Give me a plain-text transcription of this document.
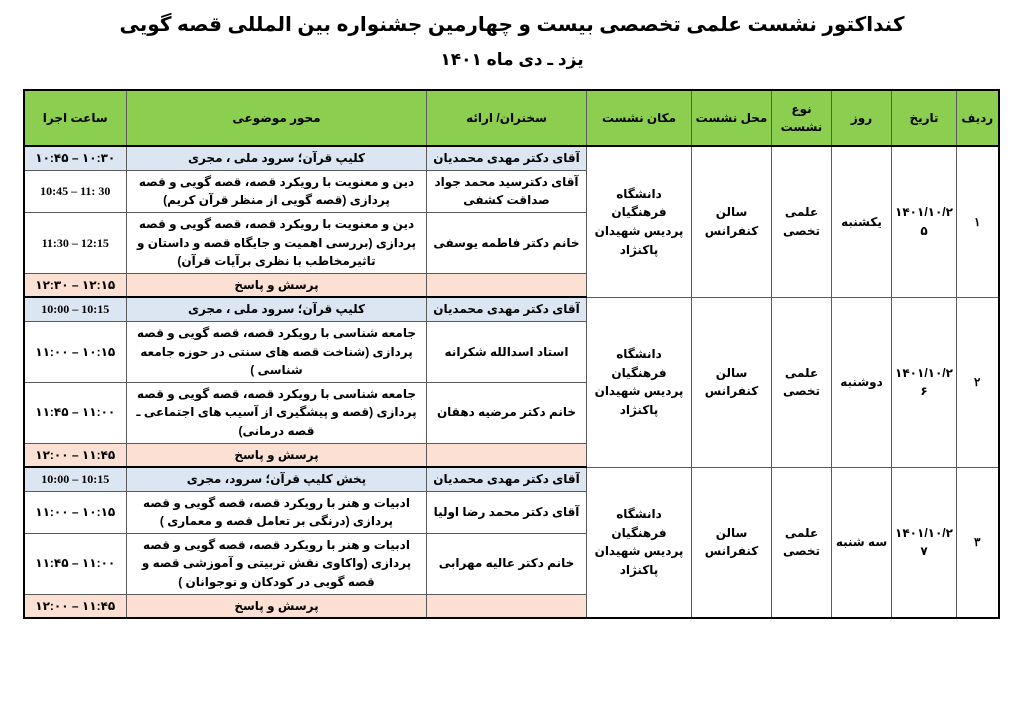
کنداکتور نشست علمی تخصصی بیست و چهارمین جشنواره بین المللی قصه گویی
یزد ـ دی ماه ۱۴۰۱
ردیف	تاریخ	روز	نوع نشست	محل نشست	مکان نشست	سخنران/ ارائه	محور موضوعی	ساعت اجرا
۱	۱۴۰۱/۱۰/۲۵	یکشنبه	علمی تخصی	سالن کنفرانس	دانشگاه فرهنگیان پردیس شهیدان پاکنژاد	آقای دکتر مهدی محمدیان	کلیپ قرآن؛ سرود ملی ، مجری	۱۰:۳۰ – ۱۰:۴۵
						آقای دکترسید محمد جواد صداقت کشفی	دین و معنویت با رویکرد قصه، قصه گویی و قصه پردازی (قصه گویی از منظر قرآن کریم)	10:45 – 11: 30
						خانم دکتر فاطمه یوسفی	دین و معنویت با رویکرد قصه، قصه گویی و قصه پردازی (بررسی اهمیت و جایگاه قصه و داستان و تاثیرمخاطب با نظری برآیات قرآن)	11:30 – 12:15
							پرسش و پاسخ	۱۲:۱۵ – ۱۲:۳۰
۲	۱۴۰۱/۱۰/۲۶	دوشنبه	علمی تخصی	سالن کنفرانس	دانشگاه فرهنگیان پردیس شهیدان پاکنژاد	آقای دکتر مهدی محمدیان	کلیپ قرآن؛ سرود ملی ، مجری	10:00 – 10:15
						استاد اسدالله شکرانه	جامعه شناسی با رویکرد قصه، قصه گویی و قصه پردازی (شناخت قصه های سنتی در حوزه جامعه شناسی )	۱۰:۱۵ – ۱۱:۰۰
						خانم دکتر مرضیه دهقان	جامعه شناسی با رویکرد قصه، قصه گویی و قصه پردازی (قصه و پیشگیری از آسیب های اجتماعی ـ قصه درمانی)	۱۱:۰۰ – ۱۱:۴۵
							پرسش و پاسخ	۱۱:۴۵ – ۱۲:۰۰
۳	۱۴۰۱/۱۰/۲۷	سه شنبه	علمی تخصی	سالن کنفرانس	دانشگاه فرهنگیان پردیس شهیدان پاکنژاد	آقای دکتر مهدی محمدیان	پخش کلیپ قرآن؛ سرود، مجری	10:00 – 10:15
						آقای دکتر محمد رضا اولیا	ادبیات و هنر با رویکرد قصه، قصه گویی و قصه پردازی (درنگی بر تعامل قصه و معماری )	۱۰:۱۵ – ۱۱:۰۰
						خانم دکتر عالیه مهرابی	ادبیات و هنر با رویکرد قصه، قصه گویی و قصه پردازی (واکاوی نقش تربیتی و آموزشی قصه و قصه گویی در کودکان و نوجوانان )	۱۱:۰۰ – ۱۱:۴۵
							پرسش و پاسخ	۱۱:۴۵ – ۱۲:۰۰
